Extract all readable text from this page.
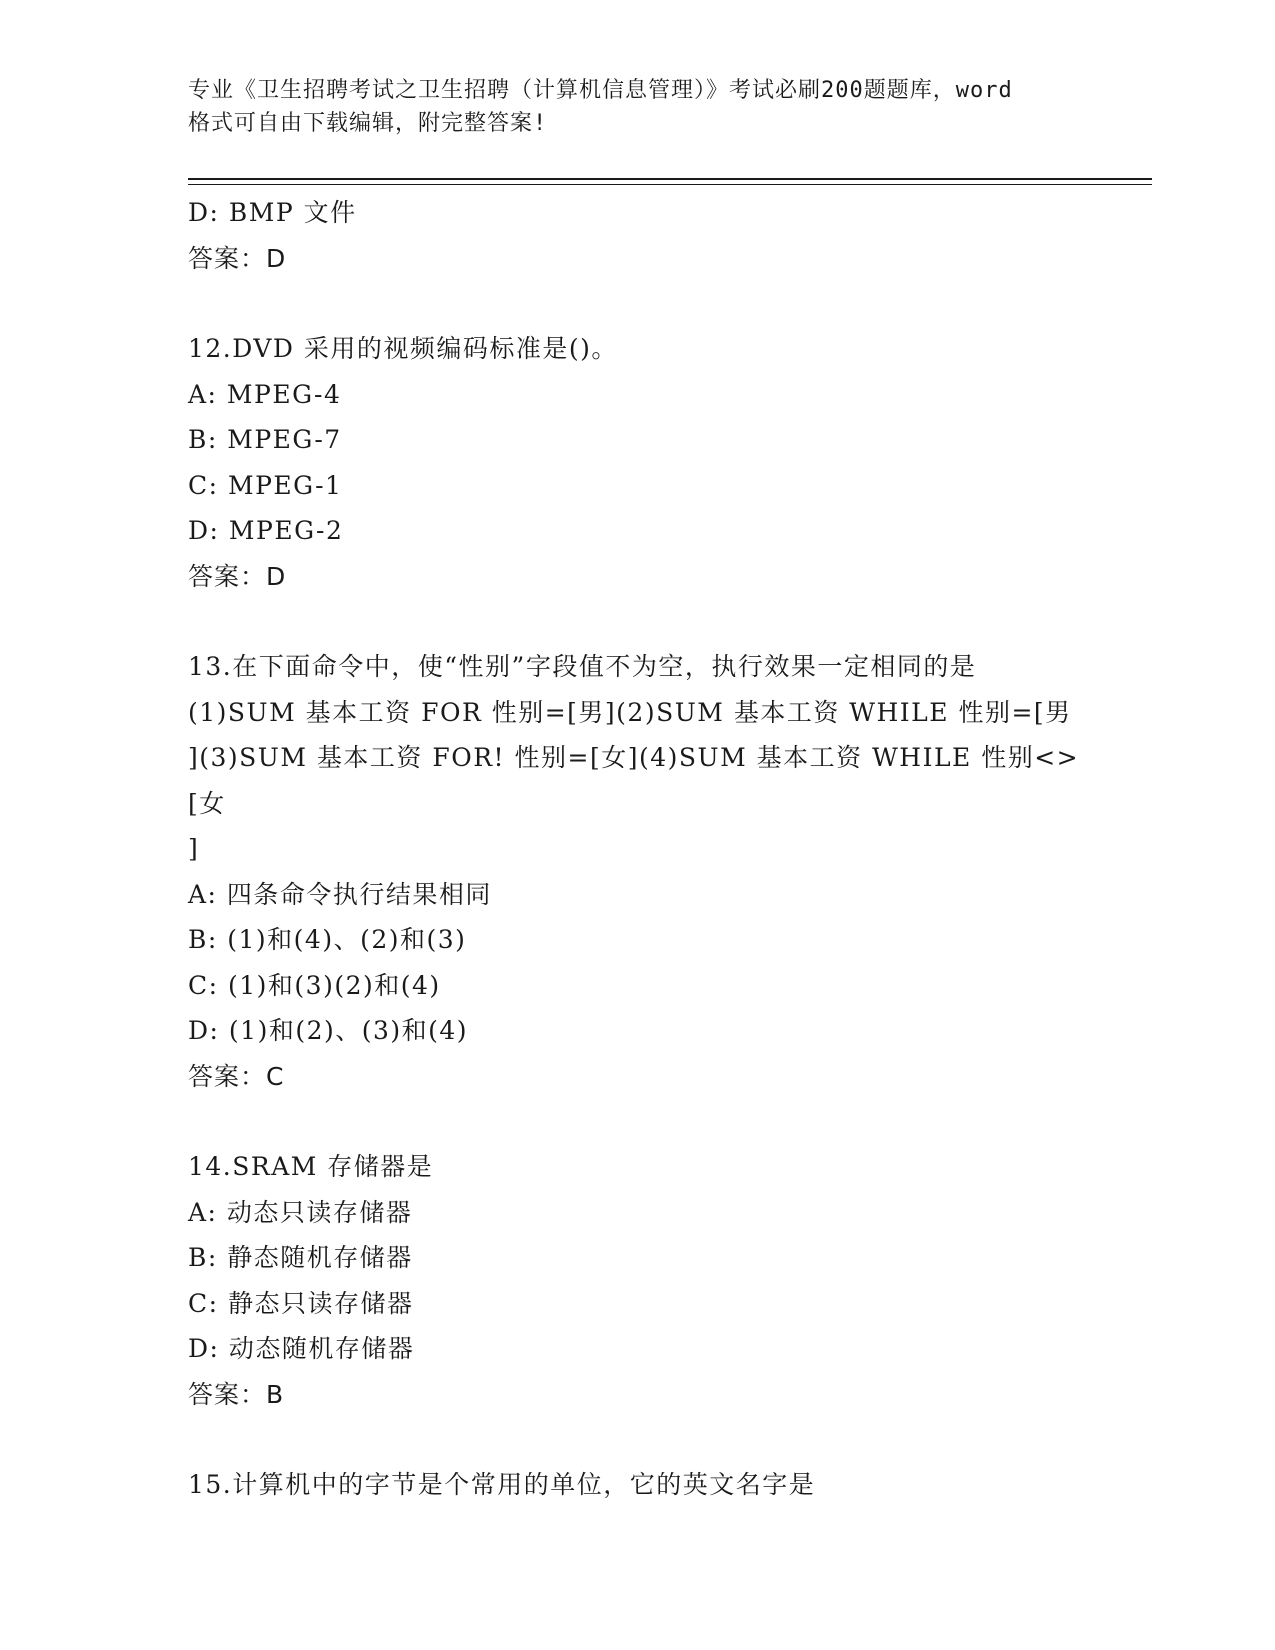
专业《卫生招聘考试之卫生招聘（计算机信息管理）》考试必刷200题题库，word
格式可自由下载编辑，附完整答案!
D: BMP 文件
答案：D
12.DVD 采用的视频编码标准是()。
A: MPEG-4
B: MPEG-7
C: MPEG-1
D: MPEG-2
答案：D
13.在下面命令中，使“性别”字段值不为空，执行效果一定相同的是
(1)SUM 基本工资 FOR 性别=[男](2)SUM 基本工资 WHILE 性别=[男
](3)SUM 基本工资 FOR! 性别=[女](4)SUM 基本工资 WHILE 性别<>[女
]
A: 四条命令执行结果相同
B: (1)和(4)、(2)和(3)
C: (1)和(3)(2)和(4)
D: (1)和(2)、(3)和(4)
答案：C
14.SRAM 存储器是
A: 动态只读存储器
B: 静态随机存储器
C: 静态只读存储器
D: 动态随机存储器
答案：B
15.计算机中的字节是个常用的单位，它的英文名字是
